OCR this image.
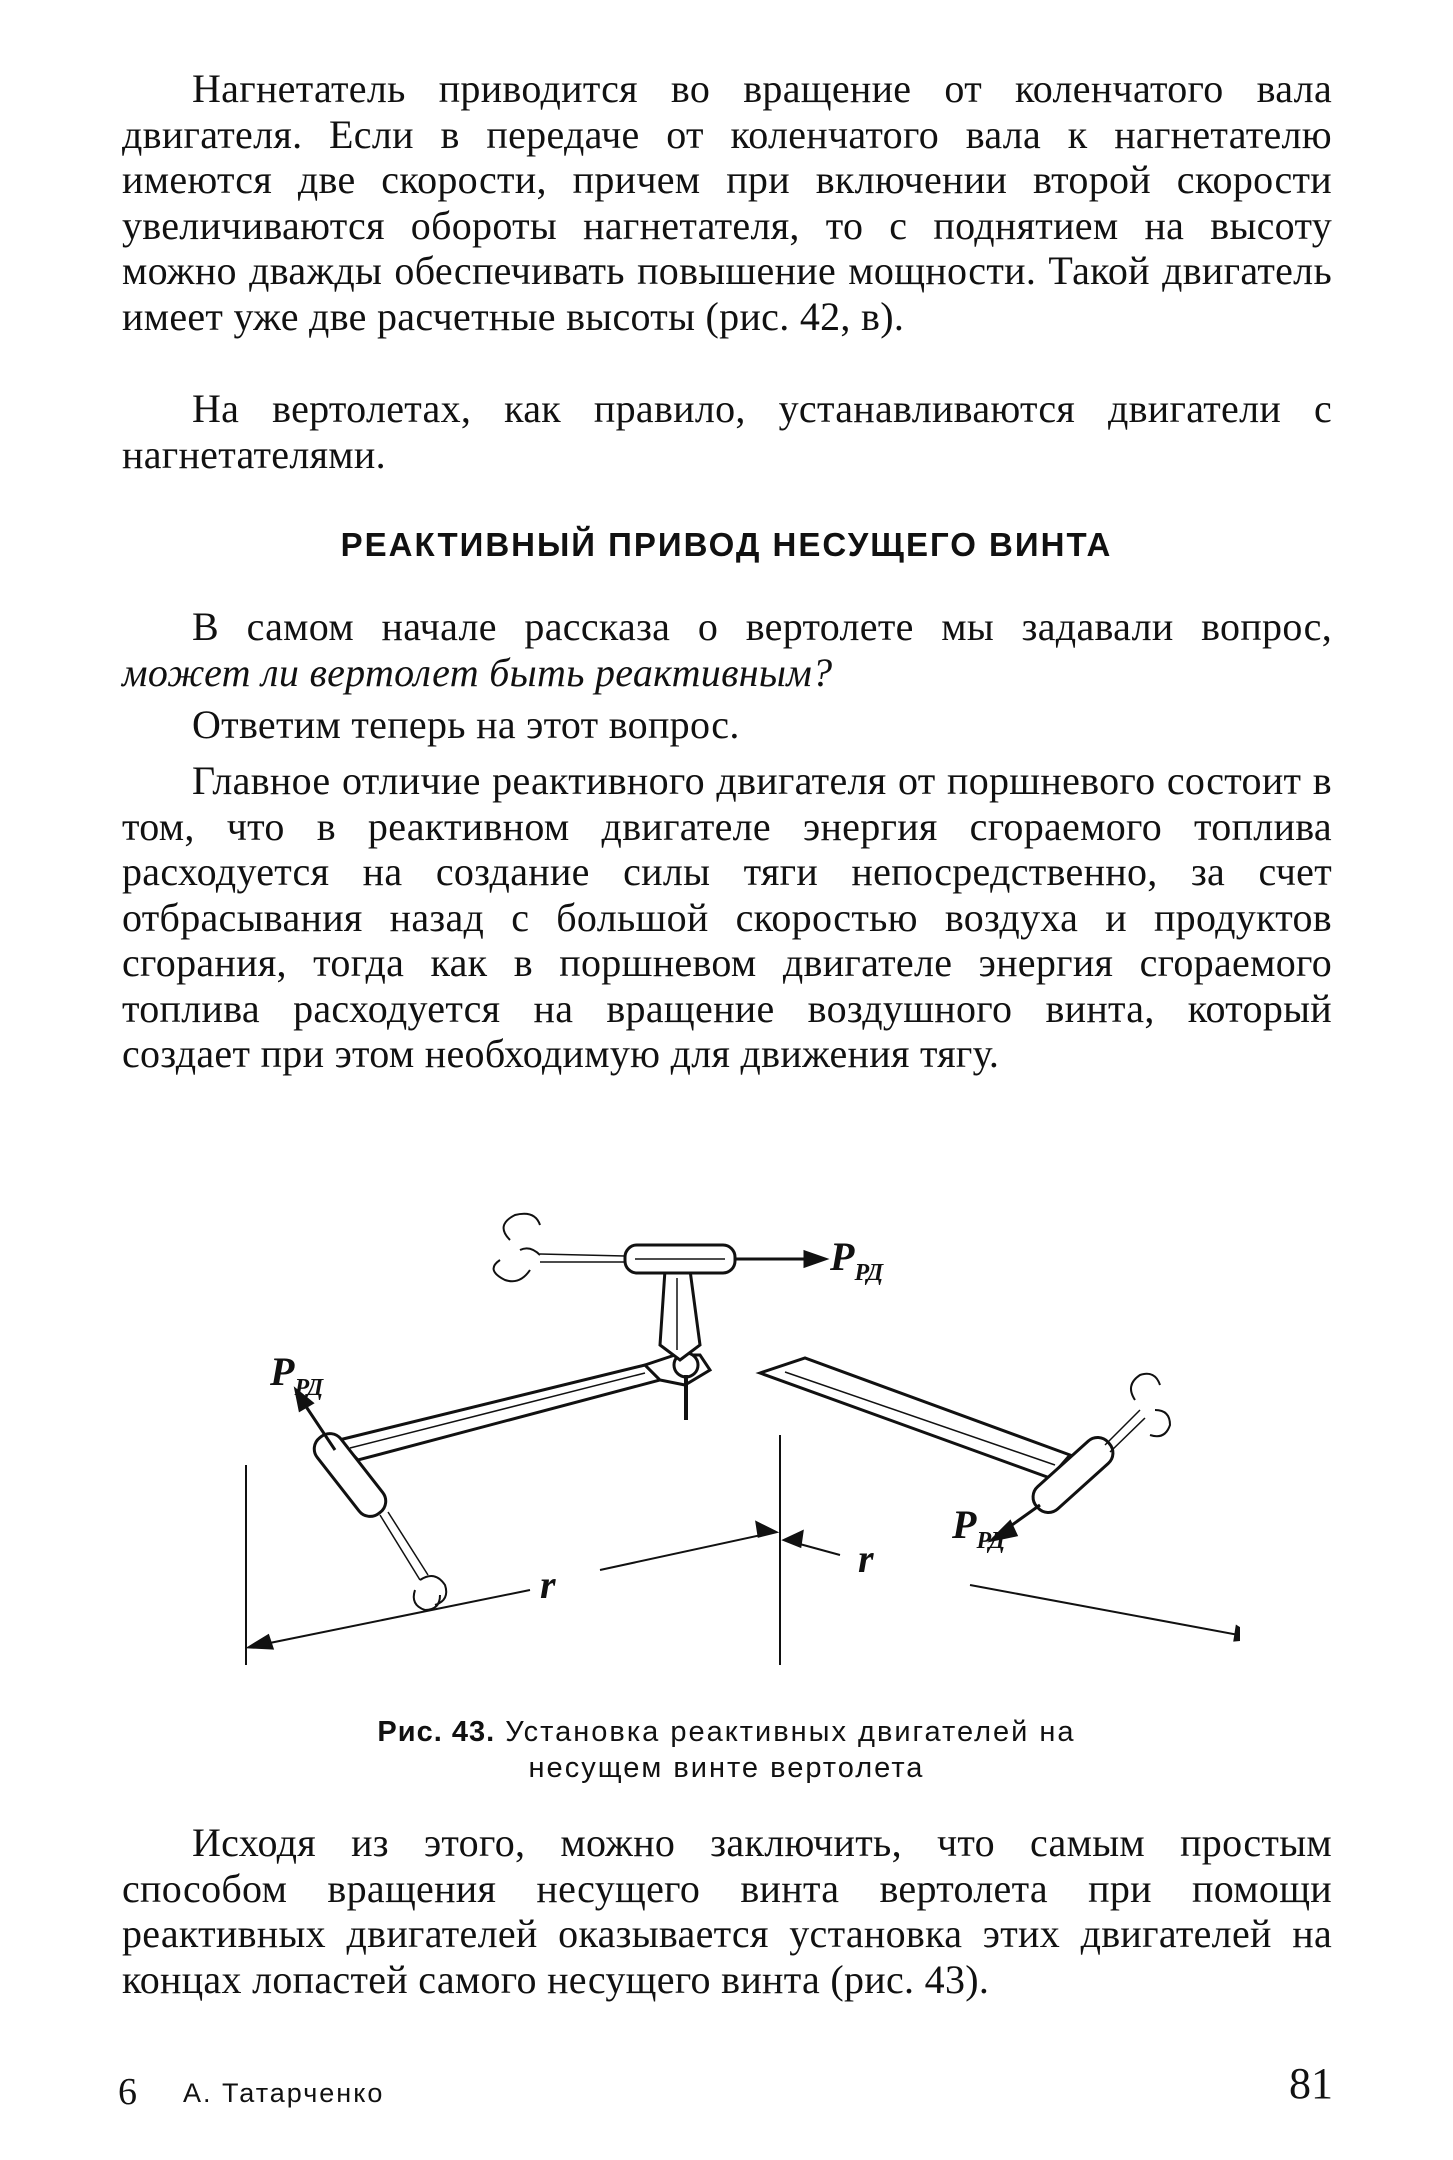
Нагнетатель приводится во вращение от коленчатого вала двигателя. Если в передаче от коленчатого вала к нагнетателю имеются две скорости, причем при включении второй скорости увеличиваются обороты нагнетателя, то с поднятием на высоту можно дважды обеспечивать повышение мощности. Такой двигатель имеет уже две расчетные высоты (рис. 42, в).

На вертолетах, как правило, устанавливаются двигатели с нагнетателями.

РЕАКТИВНЫЙ ПРИВОД НЕСУЩЕГО ВИНТА

В самом начале рассказа о вертолете мы задавали вопрос, может ли вертолет быть реактивным?

Ответим теперь на этот вопрос.

Главное отличие реактивного двигателя от поршневого состоит в том, что в реактивном двигателе энергия сгораемого топлива расходуется на создание силы тяги непосредственно, за счет отбрасывания назад с большой скоростью воздуха и продуктов сгорания, тогда как в поршневом двигателе энергия сгораемого топлива расходуется на вращение воздушного винта, который создает при этом необходимую для движения тягу.

$P_{РД}$
$P_{РД}$
$P_{РД}$
r
r
Рис. 43. Установка реактивных двигателей на
несущем винте вертолета

Исходя из этого, можно заключить, что самым простым способом вращения несущего винта вертолета при помощи реактивных двигателей оказывается установка этих двигателей на концах лопастей самого несущего винта (рис. 43).

6 А. Татарченко	81
